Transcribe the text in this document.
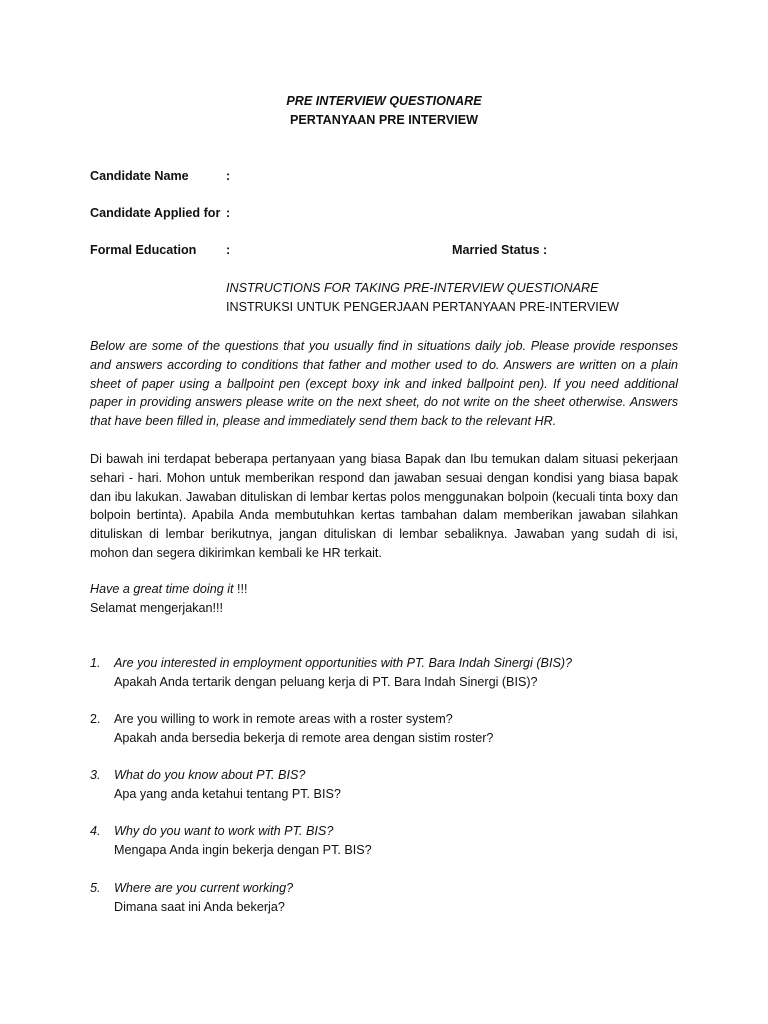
PRE INTERVIEW QUESTIONARE
PERTANYAAN PRE INTERVIEW
Candidate Name	:
Candidate Applied for :
Formal Education :	Married Status :
INSTRUCTIONS FOR TAKING PRE-INTERVIEW QUESTIONARE
INSTRUKSI UNTUK PENGERJAAN PERTANYAAN PRE-INTERVIEW
Below are some of the questions that you usually find in situations daily job. Please provide responses and answers according to conditions that father and mother used to do. Answers are written on a plain sheet of paper using a ballpoint pen (except boxy ink and inked ballpoint pen). If you need additional paper in providing answers please write on the next sheet, do not write on the sheet otherwise. Answers that have been filled in, please and immediately send them back to the relevant HR.
Di bawah ini terdapat beberapa pertanyaan yang biasa Bapak dan Ibu temukan dalam situasi pekerjaan sehari - hari. Mohon untuk memberikan respond dan jawaban sesuai dengan kondisi yang biasa bapak dan ibu lakukan. Jawaban dituliskan di lembar kertas polos menggunakan bolpoin (kecuali tinta boxy dan bolpoin bertinta). Apabila Anda membutuhkan kertas tambahan dalam memberikan jawaban silahkan dituliskan di lembar berikutnya, jangan dituliskan di lembar sebaliknya. Jawaban yang sudah di isi, mohon dan segera dikirimkan kembali ke HR terkait.
Have a great time doing it !!!
Selamat mengerjakan!!!
1. Are you interested in employment opportunities with PT. Bara Indah Sinergi (BIS)?
Apakah Anda tertarik dengan peluang kerja di PT. Bara Indah Sinergi (BIS)?
2. Are you willing to work in remote areas with a roster system?
Apakah anda bersedia bekerja di remote area dengan sistim roster?
3. What do you know about PT. BIS?
Apa yang anda ketahui tentang PT. BIS?
4. Why do you want to work with PT. BIS?
Mengapa Anda ingin bekerja dengan PT. BIS?
5. Where are you current working?
Dimana saat ini Anda bekerja?
